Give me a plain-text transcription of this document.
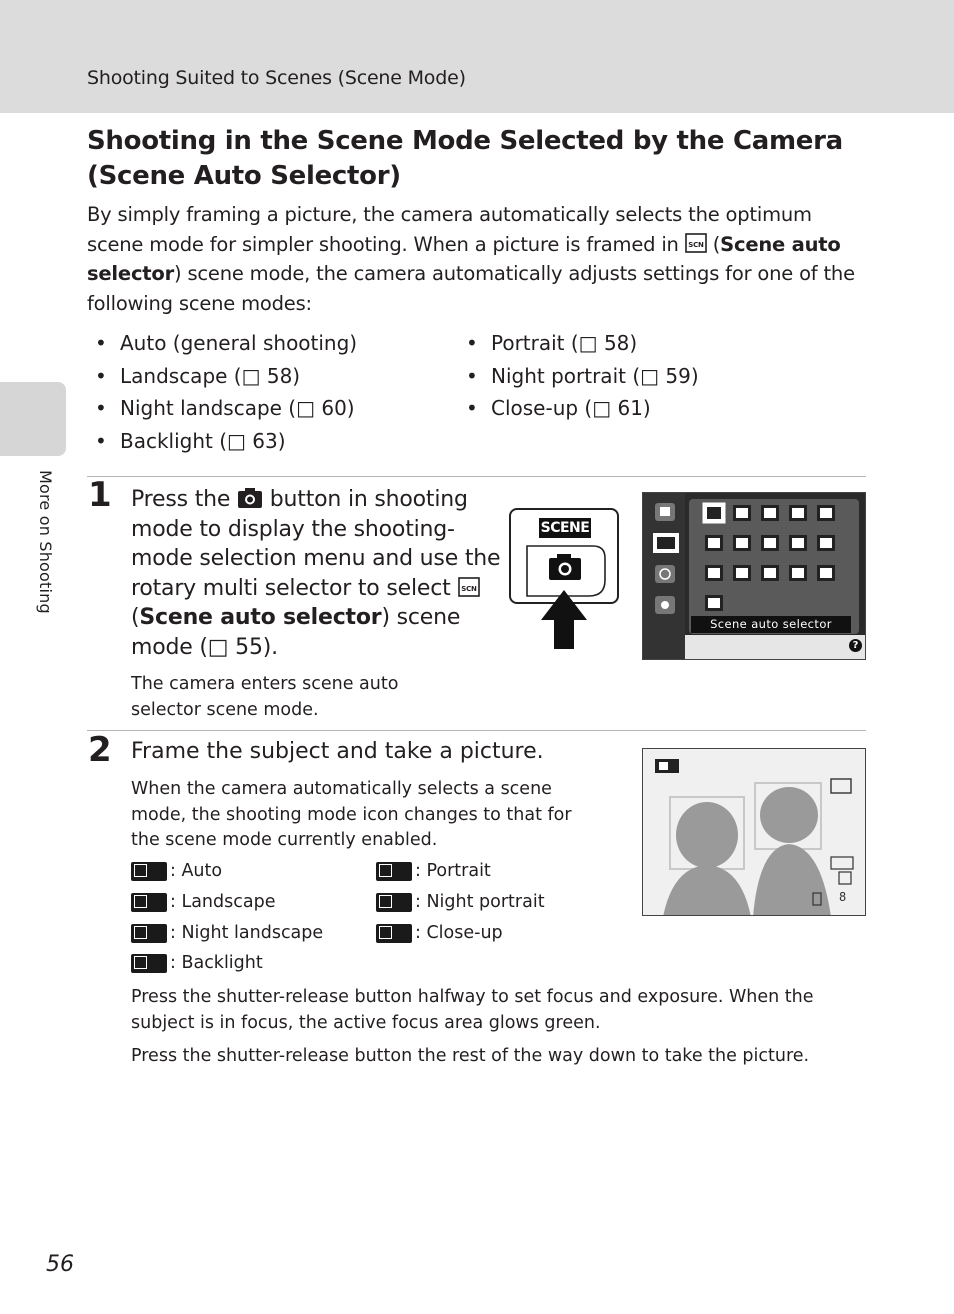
Shooting Suited to Scenes (Scene Mode)
More on Shooting
Shooting in the Scene Mode Selected by the Camera
(Scene Auto Selector)
By simply framing a picture, the camera automatically selects the optimum scene mode for simpler shooting. When a picture is framed in SCN (Scene auto selector) scene mode, the camera automatically adjusts settings for one of the following scene modes:
• Auto (general shooting)
• Landscape (□ 58)
• Night landscape (□ 60)
• Backlight (□ 63)
• Portrait (□ 58)
• Night portrait (□ 59)
• Close-up (□ 61)
1 Press the  button in shooting mode to display the shooting-mode selection menu and use the rotary multi selector to select SCN

(Scene auto selector) scene mode (□ 55).
The camera enters scene auto selector scene mode.
SCENE
Scene auto selector
?
2 Frame the subject and take a picture.
When the camera automatically selects a scene mode, the shooting mode icon changes to that for the scene mode currently enabled.
: Auto	: Portrait
: Landscape	: Night portrait
: Night landscape	: Close-up
: Backlight
Press the shutter-release button halfway to set focus and exposure. When the subject is in focus, the active focus area glows green.
Press the shutter-release button the rest of the way down to take the picture.
8
56
